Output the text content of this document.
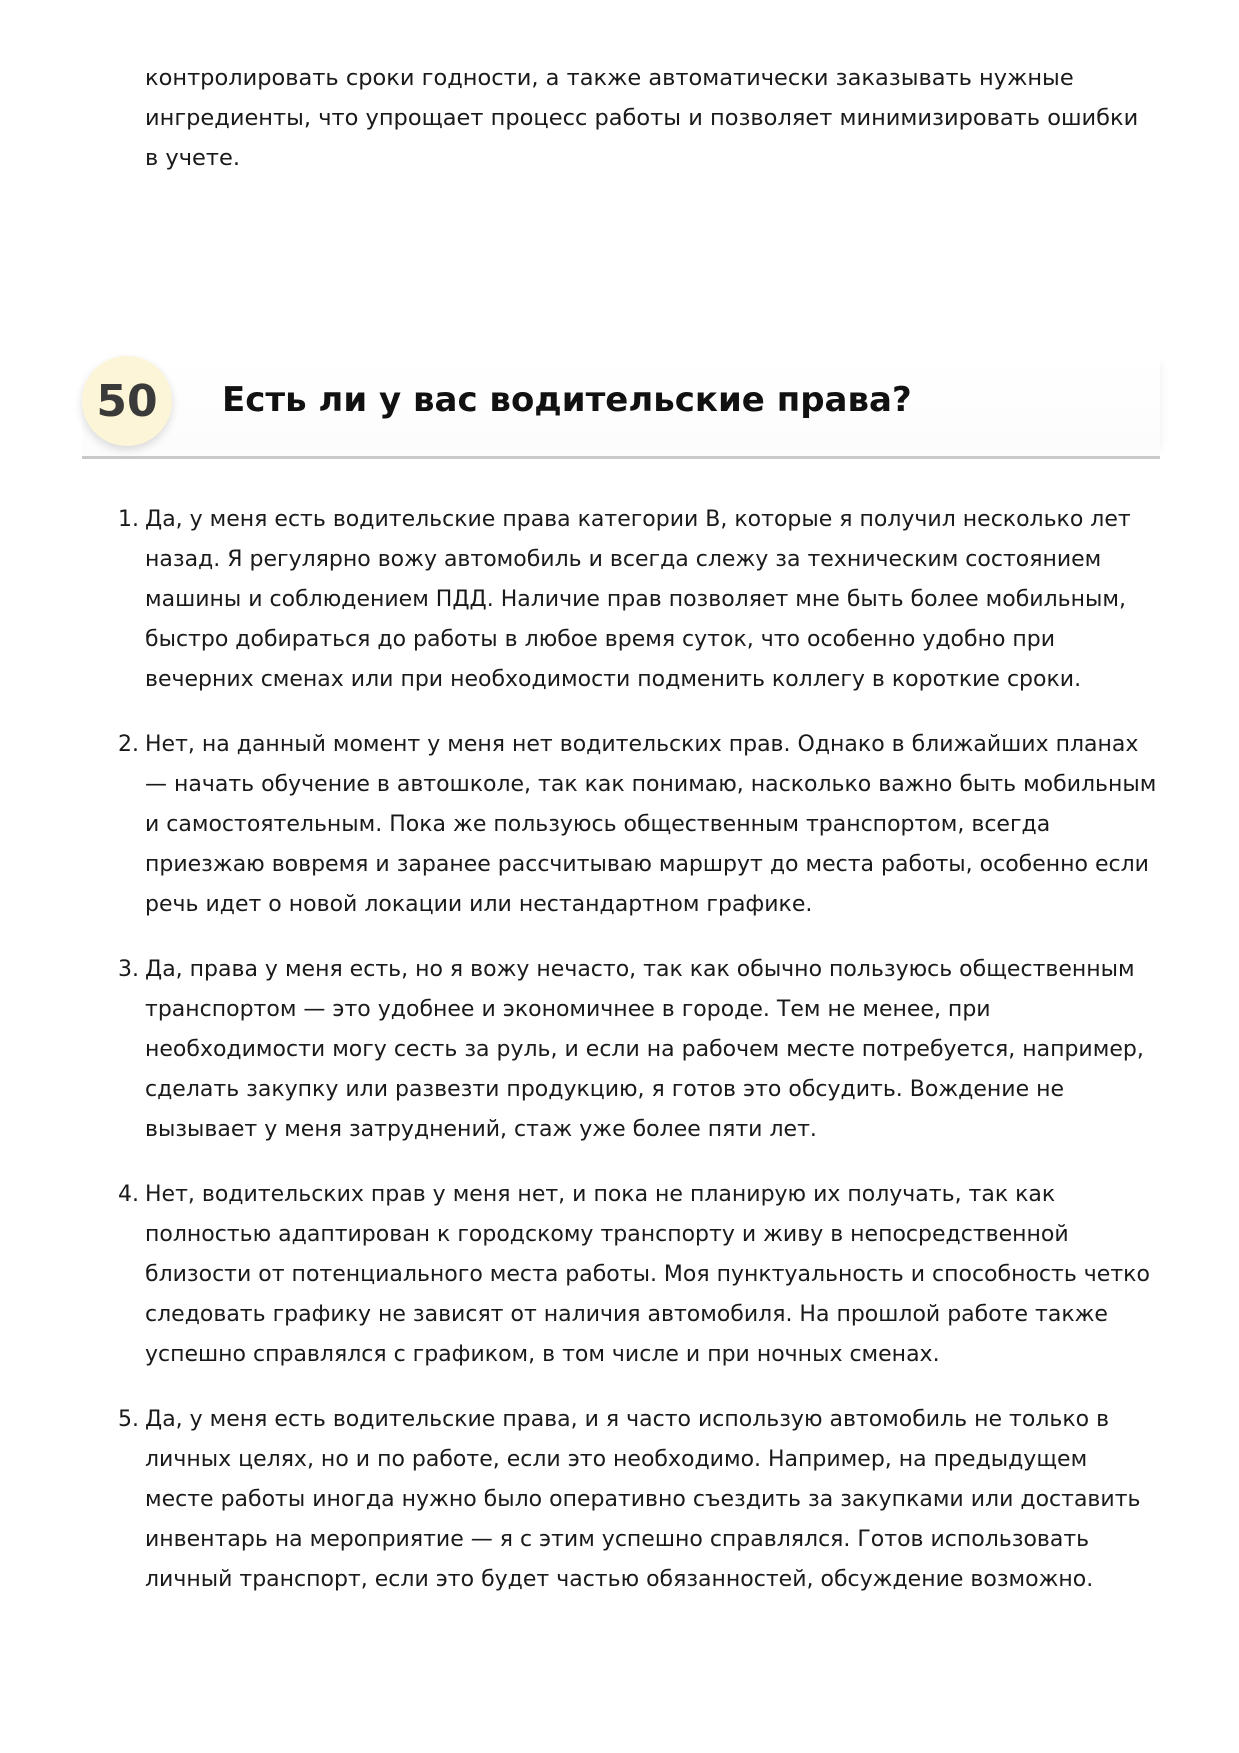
контролировать сроки годности, а также автоматически заказывать нужные ингредиенты, что упрощает процесс работы и позволяет минимизировать ошибки в учете.

50	Есть ли у вас водительские права?
1. Да, у меня есть водительские права категории B, которые я получил несколько лет назад. Я регулярно вожу автомобиль и всегда слежу за техническим состоянием машины и соблюдением ПДД. Наличие прав позволяет мне быть более мобильным, быстро добираться до работы в любое время суток, что особенно удобно при вечерних сменах или при необходимости подменить коллегу в короткие сроки.
2. Нет, на данный момент у меня нет водительских прав. Однако в ближайших планах — начать обучение в автошколе, так как понимаю, насколько важно быть мобильным и самостоятельным. Пока же пользуюсь общественным транспортом, всегда приезжаю вовремя и заранее рассчитываю маршрут до места работы, особенно если речь идет о новой локации или нестандартном графике.
3. Да, права у меня есть, но я вожу нечасто, так как обычно пользуюсь общественным транспортом — это удобнее и экономичнее в городе. Тем не менее, при необходимости могу сесть за руль, и если на рабочем месте потребуется, например, сделать закупку или развезти продукцию, я готов это обсудить. Вождение не вызывает у меня затруднений, стаж уже более пяти лет.
4. Нет, водительских прав у меня нет, и пока не планирую их получать, так как полностью адаптирован к городскому транспорту и живу в непосредственной близости от потенциального места работы. Моя пунктуальность и способность четко следовать графику не зависят от наличия автомобиля. На прошлой работе также успешно справлялся с графиком, в том числе и при ночных сменах.
5. Да, у меня есть водительские права, и я часто использую автомобиль не только в личных целях, но и по работе, если это необходимо. Например, на предыдущем месте работы иногда нужно было оперативно съездить за закупками или доставить инвентарь на мероприятие — я с этим успешно справлялся. Готов использовать личный транспорт, если это будет частью обязанностей, обсуждение возможно.
